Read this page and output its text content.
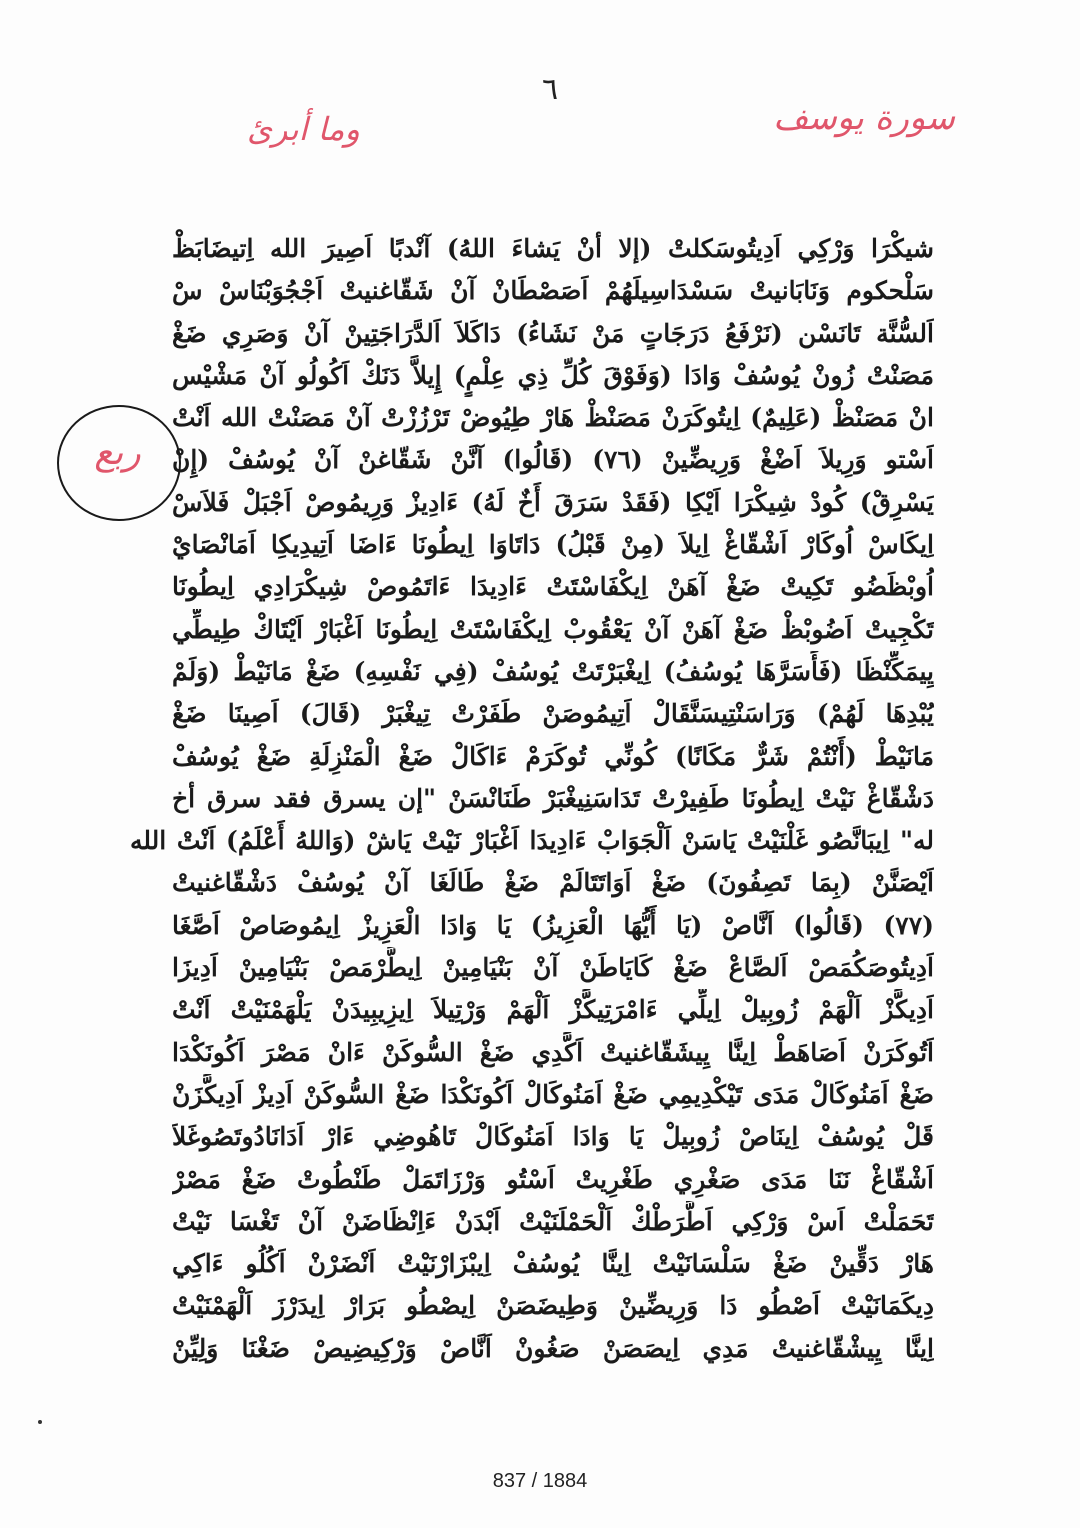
٦
سورة يوسف
وما أبرئ
ربع
شيكْرَا وَرْكِي اَدِيتُوسَكلتْ (إلا أنْ يَشاءَ اللهُ) آنْدبًا اَصِيرَ الله اِتيضَابَظْ
سَلْحكوم وَنَابَانيتْ سَسْدَاسِيلَهُمْ اَصَصْطَانْ آنْ شَقّاغنيتْ اَجْجُوَبْنَاسْ سْ
اَلسُّنَّة تَانَسْن (نَرْفَعُ دَرَجَاتٍ مَنْ نَشَاءُ) دَاكَلاَ اَلدَّرَاجَتِينْ آنْ وَصَرِي ضَغْ
مَصَنْتْ زُونْ يُوسُفْ وَادَا (وَفَوْقَ كُلِّ ذِي عِلْمٍ) إِيلاَّ دَنَكْ اَكُولُو آنْ مَشْيْس
انْ مَصَنْظْ (عَلِيمٌ) اِيتُوكَرَنْ مَصَنْظْ هَارْ طِيُوضْ تَرْزُزْتْ آنْ مَصَنْتْ الله اَنْتْ
اَسْتو وَرِيلاَ اَضْغْ وَرِيضِّينْ (٧٦) (قَالُوا) آنَّنْ شَقّاغنْ آنْ يُوسُفْ (إِنْ
يَسْرِقْ) كُودْ شِيكْرَا اَيْكِا (فَقَدْ سَرَقَ أَخٌ لَهُ) ءَادِيزْ وَرِيمُوصْ اَجْبَلْ فَلاَسْ
اِيكَاسْ اُوكَارْ اَشْقّاغْ اِيلاَ (مِنْ قَبْلُ) دَاتَاوَا اِيطُونَا ءَاضَا اَتِيدِيكِا اَمَانْصَايْ
اُوبْظَضُو تَكِيتْ ضَغْ آهَنْ اِيكْفَاسْتَتْ ءَادِيدَا ءَاتَمُوصْ شِيكْرَادِي اِيطُونَا
تَكْجِيتْ اَضُوبْظْ ضَغْ آهَنْ آنْ يَعْقُوبْ اِيكْفَاسْتَتْ اِيطُونَا اَغْبَارْ اَيْتَاكْ طِيطِّي
يِيمَكِّنْظَا (فَأَسَرَّهَا يُوسُفُ) اِيغْبَرْتَتْ يُوسُفْ (فِي نَفْسِهِ) ضَغْ مَانَيْطْ (وَلَمْ
يُبْدِهَا لَهُمْ) وَرَاسَنْتِيسَنَّقَالْ اَتِيمُوصَنْ طَفَرْتْ تِيغْبَرْ (قَالَ) اَصِينَا ضَغْ
مَانَيْطْ (أَنْتُمْ شَرٌّ مَكَانًا) كُونِّي تُوكَرَمْ ءَاكَالْ ضَغْ الْمَنْزِلَةِ ضَغْ يُوسُفْ
دَشْقّاغْ نَيْتْ اِيطُونَا طَفِيرْتْ تَدَاسَنِيغْبَرْ طَنَانْسَنْ "إن يسرق فقد سرق أخ
له" اِيبَانَّصُو غَلْنَيْتْ يَاسَنْ اَلْجَوَابْ ءَادِيدَا اَغْبَارْ نَيْتْ يَاشْ (وَاللهُ أَعْلَمُ) اَنْتْ الله
اَيْصَنَّنْ (بِمَا تَصِفُونَ) ضَغْ اَوَاتَتَالَمْ ضَغْ طَالَغَا آنْ يُوسُفْ دَشْقّاغنيتْ
(٧٧) (قَالُوا) اَنَّاصْ (يَا أَيُّهَا الْعَزِيزُ) يَا وَادَا الْعَزِيزْ اِيمُوصَاصْ اَصَّغَا
اَدِيتُوصَكُمَصْ اَلصَّاعْ ضَغْ كَايَاطَنْ آنْ بَنْيَامِينْ اِيطَّرْمَصْ بَنْيَامِينْ اَدِيزَا
اَدِيكَّزْ اَلْهَمْ زُوبِيلْ اِيلِّي ءَامْرَتِيكَّزْ اَلْهَمْ وَرْتِيلاَ اِيزِيبِيدَنْ يَلْهَمْنَيْتْ اَنْتْ
اَتُوكَرَنْ اَصَاهَطْ اِينَّا يِيشَقّاغنيتْ اَكَّدِي ضَغْ السُّوكَنْ ءَانْ مَصْرَ اَكُونَكْدَا
ضَغْ اَمَنُوكَالْ مَدَى تَيْكْدِيمِي ضَغْ اَمَنُوكَالْ اَكُونَكْدَا ضَغْ السُّوكَنْ اَدِيزْ اَدِيكَّزَنْ
قَلْ يُوسُفْ اِينَاصْ زُوبِيلْ يَا وَادَا اَمَنُوكَالْ تَاهُوضِي ءَارْ اَدَانَادُوتَصُوغَلاَ
اَشْقّاغْ نَنَا مَدَى صَغْرِي طَغْرِيتْ اَسْتُو وَرْزَاتَمَلْ طَنْطُوتْ ضَغْ مَصْرْ
تَحَمَلْتْ اَسْ وَرْكِي اَطَّرَطْكْ اَلْحَمْلَنَيْتْ اَبْدَنْ ءَاِنْظَاضَنْ آنْ تَغْسَا نَيْتْ
هَارْ دَقِّينْ ضَغْ سَلْسَانَيْتْ اِينَّا يُوسُفْ اِيبْزَارْنَيْتْ اَنْضَرْنْ اَكُلُو ءَاكِي
دِيكَمَانَيْتْ اَصْطُو دَا وَرِيضِّينْ وَطِيضَصَنْ اِيصْطُو بَرَارْ اِيدَرْزَ اَلْهَمْنَيْتْ
اِينَّا يِيشْقّاغنيتْ مَدِي اِيصَصَنْ صَغُونْ اَنَّاصْ وَرْكِيضِيصْ ضَغْنَا وَلِيِّنْ
837 / 1884
